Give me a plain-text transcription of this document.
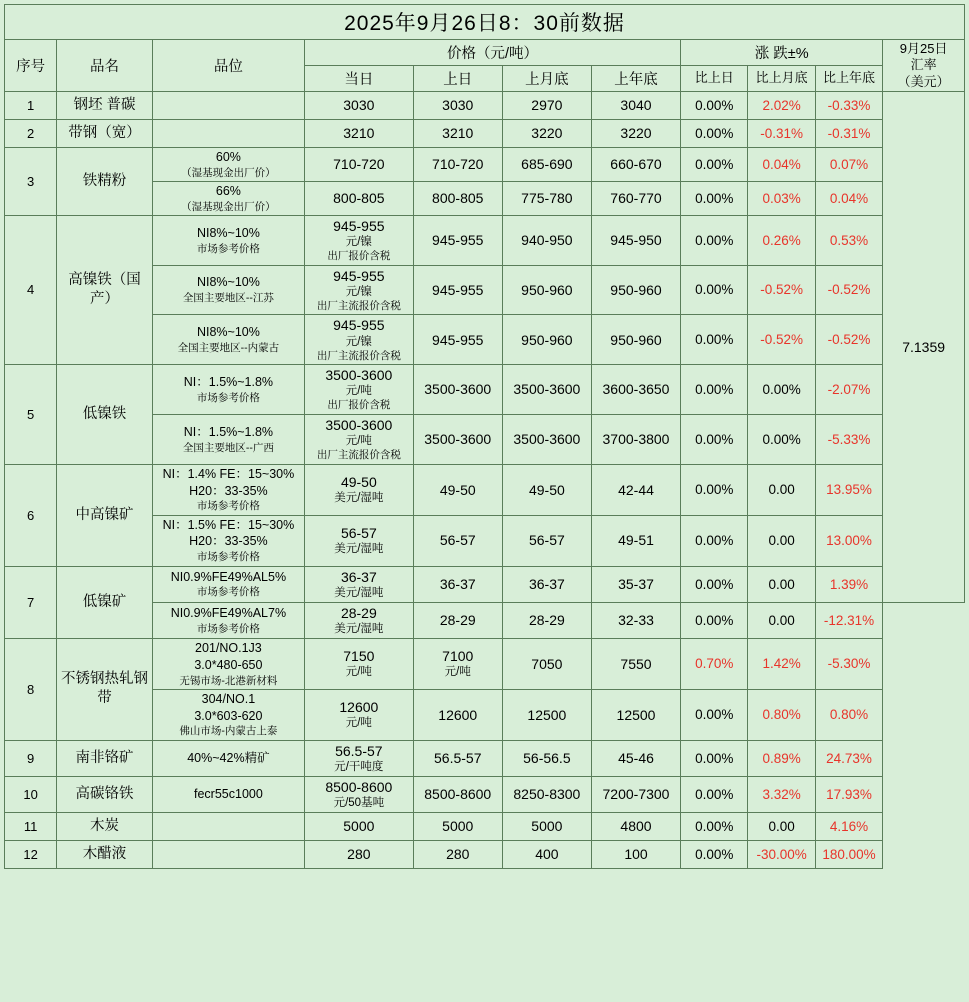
2025年9月26日8：30前数据										
序号	品名	品位	价格（元/吨）				涨 跌±%			9月25日
汇率
（美元）
			当日	上日	上月底	上年底	比上日	比上月底	比上年底	
1	钢坯 普碳		3030	3030	2970	3040	0.00%	2.02%	-0.33%	7.1359
2	带钢（宽）		3210	3210	3220	3220	0.00%	-0.31%	-0.31%	
3	铁精粉	60%
（湿基现金出厂价）	710-720	710-720	685-690	660-670	0.00%	0.04%	0.07%	
		66%
（湿基现金出厂价）	800-805	800-805	775-780	760-770	0.00%	0.03%	0.04%	
4	高镍铁（国产）	NI8%~10%
市场参考价格	945-955
元/镍
出厂报价含税	945-955	940-950	945-950	0.00%	0.26%	0.53%	
		NI8%~10%
全国主要地区--江苏	945-955
元/镍
出厂主流报价含税	945-955	950-960	950-960	0.00%	-0.52%	-0.52%	
		NI8%~10%
全国主要地区--内蒙古	945-955
元/镍
出厂主流报价含税	945-955	950-960	950-960	0.00%	-0.52%	-0.52%	
5	低镍铁	NI：1.5%~1.8%
市场参考价格	3500-3600
元/吨
出厂报价含税	3500-3600	3500-3600	3600-3650	0.00%	0.00%	-2.07%	
		NI：1.5%~1.8%
全国主要地区--广西	3500-3600
元/吨
出厂主流报价含税	3500-3600	3500-3600	3700-3800	0.00%	0.00%	-5.33%	
6	中高镍矿	NI：1.4% FE：15~30%
H20：33-35%
市场参考价格	49-50
美元/湿吨	49-50	49-50	42-44	0.00%	0.00	13.95%	
		NI：1.5% FE：15~30%
H20：33-35%
市场参考价格	56-57
美元/湿吨	56-57	56-57	49-51	0.00%	0.00	13.00%	
7	低镍矿	NI0.9%FE49%AL5%
市场参考价格	36-37
美元/湿吨	36-37	36-37	35-37	0.00%	0.00	1.39%	
		NI0.9%FE49%AL7%
市场参考价格	28-29
美元/湿吨	28-29	28-29	32-33	0.00%	0.00	-12.31%	
8	不锈钢热轧钢带	201/NO.1J3
3.0*480-650
无锡市场-北港新材料	7150
元/吨	7100
元/吨	7050	7550	0.70%	1.42%	-5.30%	
		304/NO.1
3.0*603-620
佛山市场-内蒙古上泰	12600
元/吨	12600	12500	12500	0.00%	0.80%	0.80%	
9	南非铬矿	40%~42%精矿	56.5-57
元/干吨度	56.5-57	56-56.5	45-46	0.00%	0.89%	24.73%	
10	高碳铬铁	fecr55c1000	8500-8600
元/50基吨	8500-8600	8250-8300	7200-7300	0.00%	3.32%	17.93%	
11	木炭		5000	5000	5000	4800	0.00%	0.00	4.16%	
12	木醋液		280	280	400	100	0.00%	-30.00%	180.00%	
